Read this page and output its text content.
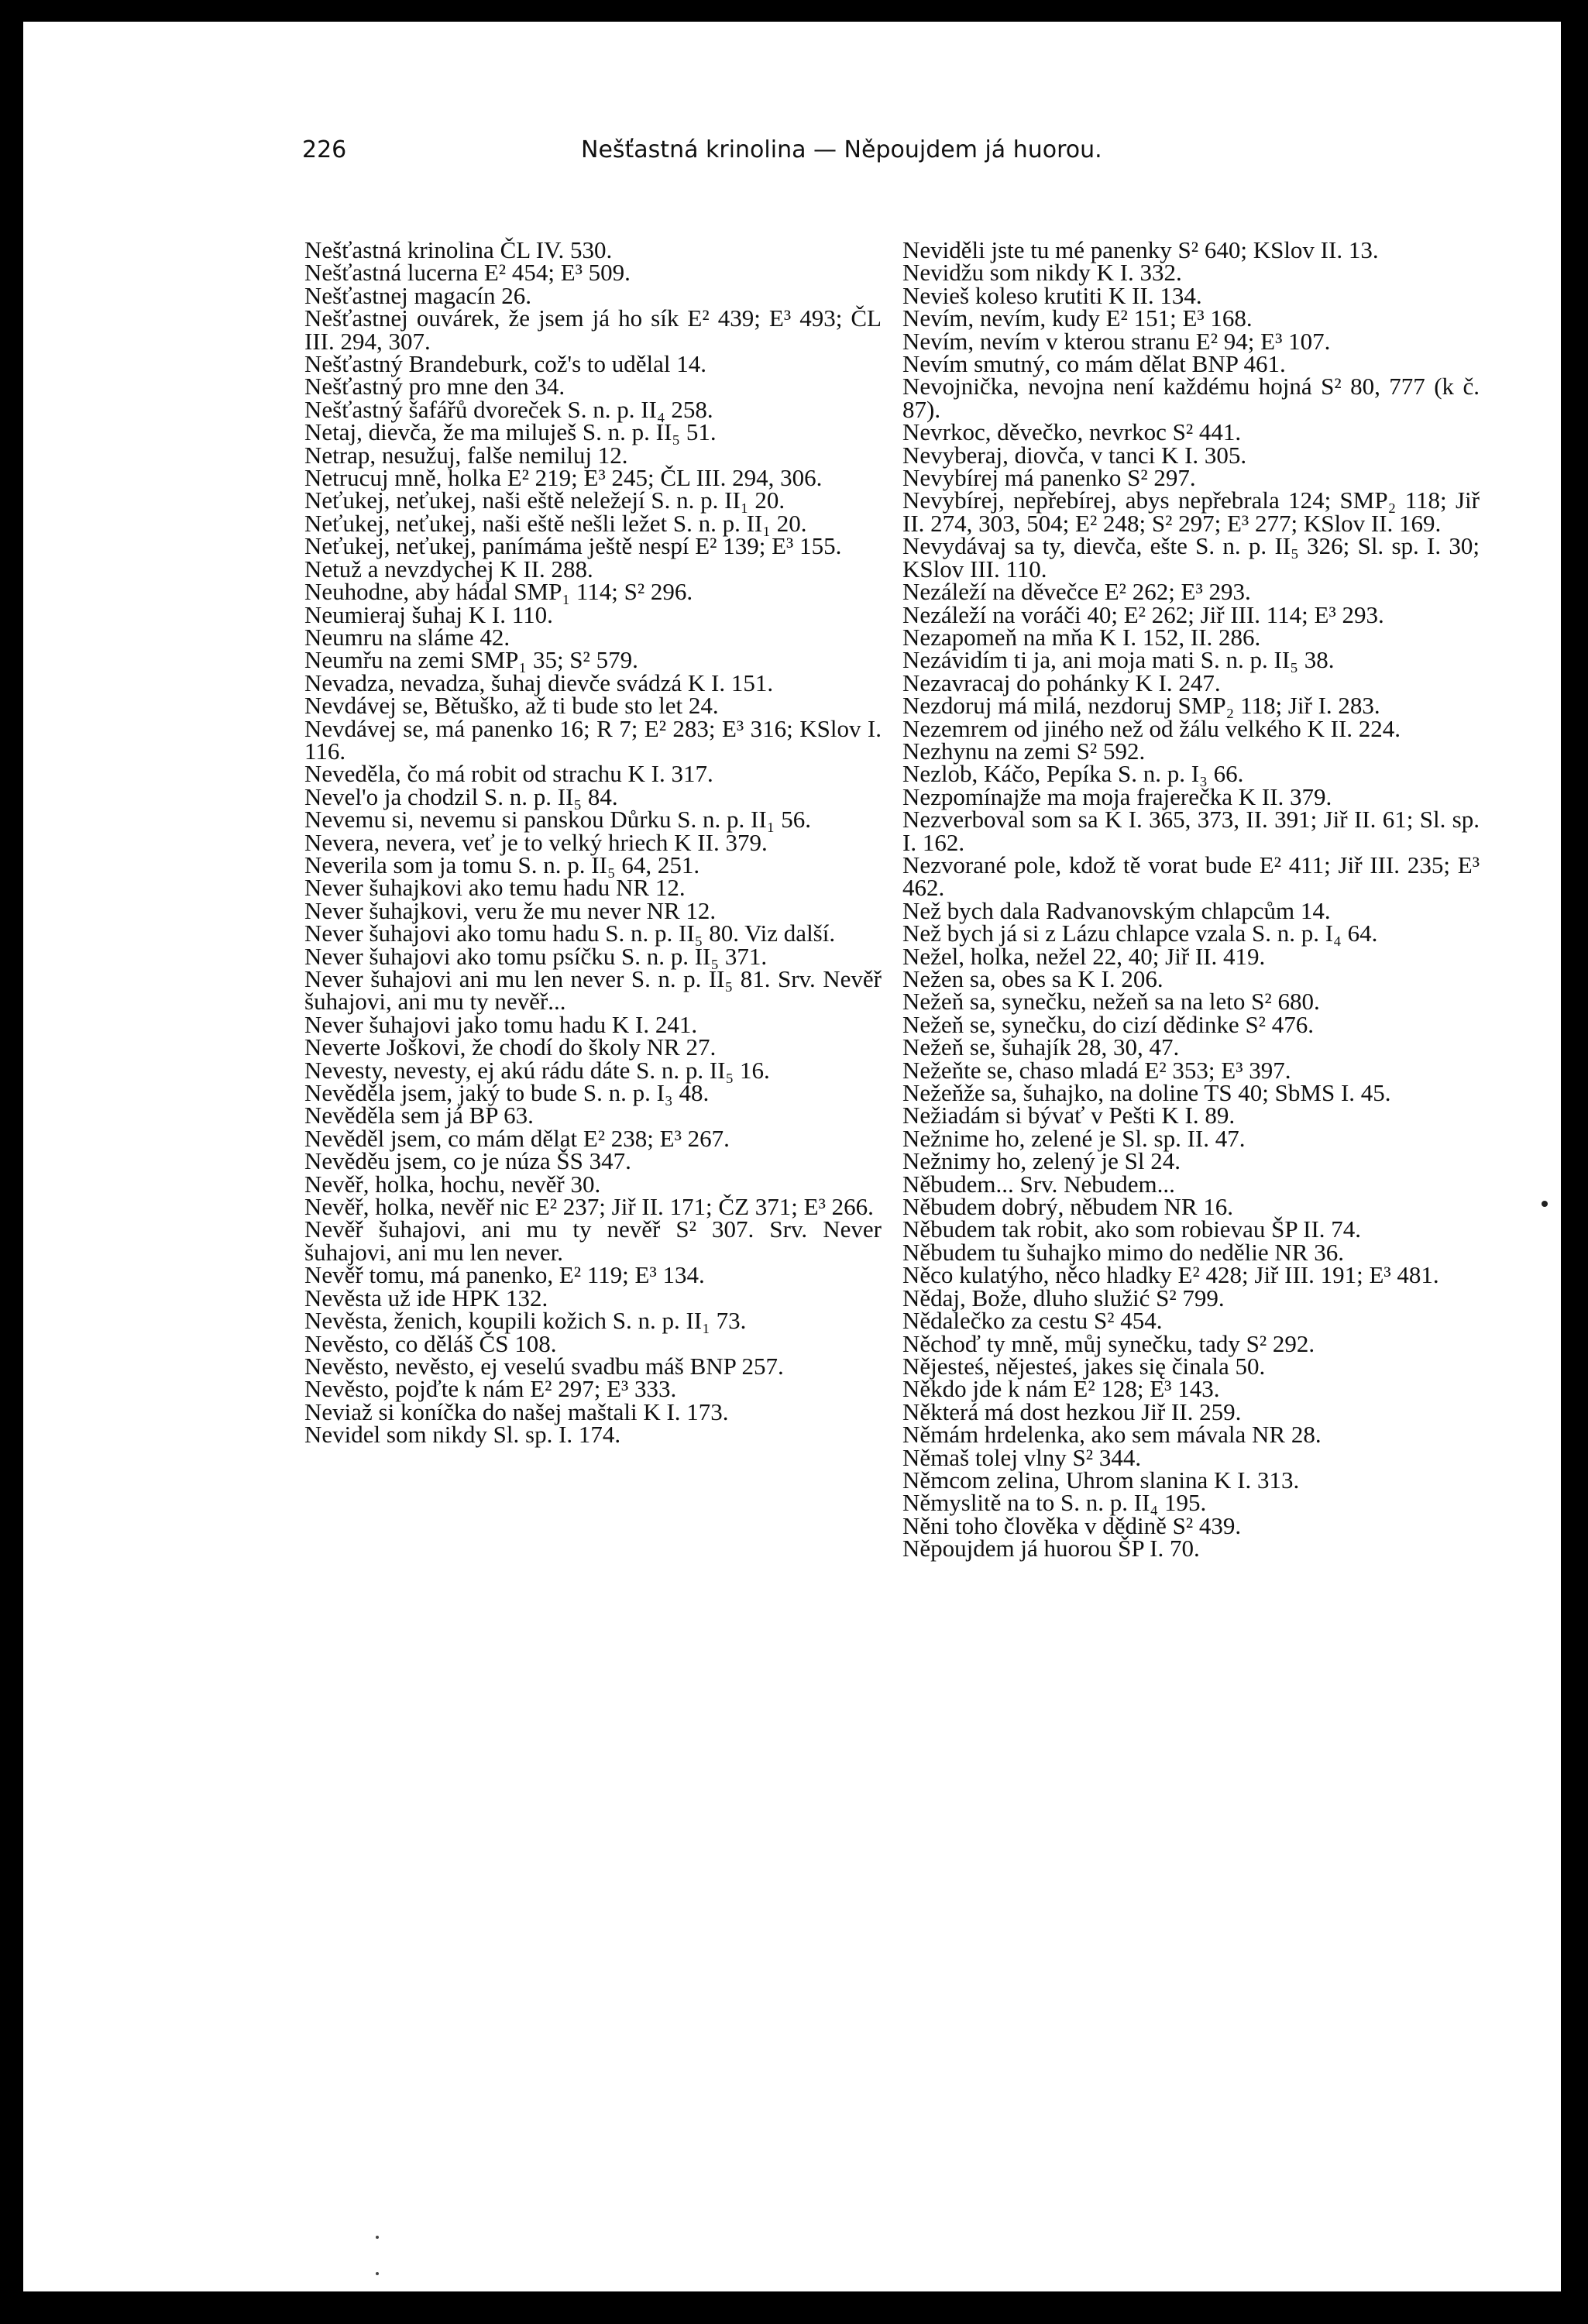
226	Nešťastná krinolina — Něpoujdem já huorou.

Nešťastná krinolina ČL IV. 530.

Nešťastná lucerna E² 454; E³ 509.

Nešťastnej magacín 26.

Nešťastnej ouvárek, že jsem já ho sík E² 439; E³ 493; ČL III. 294, 307.

Nešťastný Brandeburk, což's to udělal 14.

Nešťastný pro mne den 34.

Nešťastný šafářů dvoreček S. n. p. II₄ 258.

Netaj, dievča, že ma miluješ S. n. p. II₅ 51.

Netrap, nesužuj, falše nemiluj 12.

Netrucuj mně, holka E² 219; E³ 245; ČL III. 294, 306.

Neťukej, neťukej, naši eště neležejí S. n. p. II₁ 20.

Neťukej, neťukej, naši eště nešli ležet S. n. p. II₁ 20.

Neťukej, neťukej, panímáma ještě nespí E² 139; E³ 155.

Netuž a nevzdychej K II. 288.

Neuhodne, aby hádal SMP₁ 114; S² 296.

Neumieraj šuhaj K I. 110.

Neumru na sláme 42.

Neumřu na zemi SMP₁ 35; S² 579.

Nevadza, nevadza, šuhaj dievče svádzá K I. 151.

Nevdávej se, Bětuško, až ti bude sto let 24.

Nevdávej se, má panenko 16; R 7; E² 283; E³ 316; KSlov I. 116.

Neveděla, čo má robit od strachu K I. 317.

Nevel'o ja chodzil S. n. p. II₅ 84.

Nevemu si, nevemu si panskou Důrku S. n. p. II₁ 56.

Nevera, nevera, veť je to velký hriech K II. 379.

Neverila som ja tomu S. n. p. II₅ 64, 251.

Never šuhajkovi ako temu hadu NR 12.

Never šuhajkovi, veru že mu never NR 12.

Never šuhajovi ako tomu hadu S. n. p. II₅ 80. Viz další.

Never šuhajovi ako tomu psíčku S. n. p. II₅ 371.

Never šuhajovi ani mu len never S. n. p. II₅ 81. Srv. Nevěř šuhajovi, ani mu ty nevěř...

Never šuhajovi jako tomu hadu K I. 241.

Neverte Joškovi, že chodí do školy NR 27.

Nevesty, nevesty, ej akú rádu dáte S. n. p. II₅ 16.

Nevěděla jsem, jaký to bude S. n. p. I₃ 48.

Nevěděla sem já BP 63.

Nevěděl jsem, co mám dělat E² 238; E³ 267.

Nevěděu jsem, co je núza ŠS 347.

Nevěř, holka, hochu, nevěř 30.

Nevěř, holka, nevěř nic E² 237; Jiř II. 171; ČZ 371; E³ 266.

Nevěř šuhajovi, ani mu ty nevěř S² 307. Srv. Never šuhajovi, ani mu len never.

Nevěř tomu, má panenko, E² 119; E³ 134.

Nevěsta už ide HPK 132.

Nevěsta, ženich, koupili kožich S. n. p. II₁ 73.

Nevěsto, co děláš ČS 108.

Nevěsto, nevěsto, ej veselú svadbu máš BNP 257.

Nevěsto, pojďte k nám E² 297; E³ 333.

Neviaž si koníčka do našej maštali K I. 173.

Nevidel som nikdy Sl. sp. I. 174.

Neviděli jste tu mé panenky S² 640; KSlov II. 13.

Nevidžu som nikdy K I. 332.

Nevieš koleso krutiti K II. 134.

Nevím, nevím, kudy E² 151; E³ 168.

Nevím, nevím v kterou stranu E² 94; E³ 107.

Nevím smutný, co mám dělat BNP 461.

Nevojnička, nevojna není každému hojná S² 80, 777 (k č. 87).

Nevrkoc, děvečko, nevrkoc S² 441.

Nevyberaj, diovča, v tanci K I. 305.

Nevybírej má panenko S² 297.

Nevybírej, nepřebírej, abys nepřebrala 124; SMP₂ 118; Jiř II. 274, 303, 504; E² 248; S² 297; E³ 277; KSlov II. 169.

Nevydávaj sa ty, dievča, ešte S. n. p. II₅ 326; Sl. sp. I. 30; KSlov III. 110.

Nezáleží na děvečce E² 262; E³ 293.

Nezáleží na voráči 40; E² 262; Jiř III. 114; E³ 293.

Nezapomeň na mňa K I. 152, II. 286.

Nezávidím ti ja, ani moja mati S. n. p. II₅ 38.

Nezavracaj do pohánky K I. 247.

Nezdoruj má milá, nezdoruj SMP₂ 118; Jiř I. 283.

Nezemrem od jiného než od žálu velkého K II. 224.

Nezhynu na zemi S² 592.

Nezlob, Káčo, Pepíka S. n. p. I₃ 66.

Nezpomínajže ma moja frajerečka K II. 379.

Nezverboval som sa K I. 365, 373, II. 391; Jiř II. 61; Sl. sp. I. 162.

Nezvorané pole, kdož tě vorat bude E² 411; Jiř III. 235; E³ 462.

Než bych dala Radvanovským chlapcům 14.

Než bych já si z Lázu chlapce vzala S. n. p. I₄ 64.

Nežel, holka, nežel 22, 40; Jiř II. 419.

Nežen sa, obes sa K I. 206.

Nežeň sa, synečku, nežeň sa na leto S² 680.

Nežeň se, synečku, do cizí dědinke S² 476.

Nežeň se, šuhajík 28, 30, 47.

Nežeňte se, chaso mladá E² 353; E³ 397.

Nežeňže sa, šuhajko, na doline TS 40; SbMS I. 45.

Nežiadám si bývať v Pešti K I. 89.

Nežnime ho, zelené je Sl. sp. II. 47.

Nežnimy ho, zelený je Sl 24.

Něbudem... Srv. Nebudem...

Něbudem dobrý, něbudem NR 16.

Něbudem tak robit, ako som robievau ŠP II. 74.

Něbudem tu šuhajko mimo do nedělie NR 36.

Něco kulatýho, něco hladky E² 428; Jiř III. 191; E³ 481.

Nědaj, Bože, dluho služić S² 799.

Nědalečko za cestu S² 454.

Něchoď ty mně, můj synečku, tady S² 292.

Nějesteś, nějesteś, jakes się činala 50.

Někdo jde k nám E² 128; E³ 143.

Některá má dost hezkou Jiř II. 259.

Němám hrdelenka, ako sem mávala NR 28.

Němaš tolej vlny S² 344.

Němcom zelina, Uhrom slanina K I. 313.

Němyslitě na to S. n. p. II₄ 195.

Něni toho člověka v dědině S² 439.

Něpoujdem já huorou ŠP I. 70.
